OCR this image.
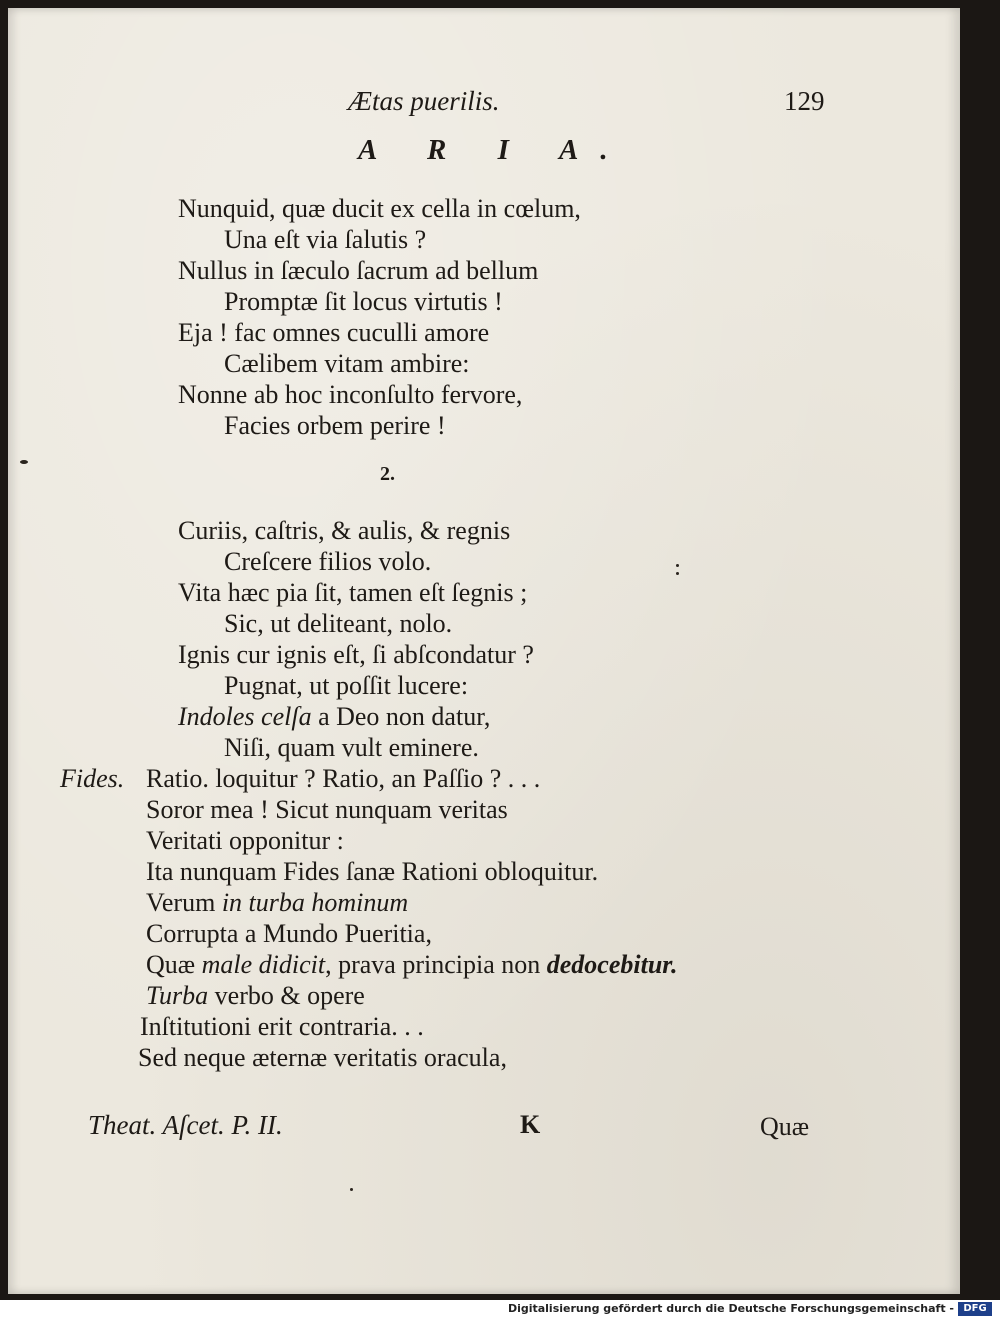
Ætas puerilis.	129
A R I A.
Nunquid, quæ ducit ex cella in cœlum,
Una eſt via ſalutis ?
Nullus in ſæculo ſacrum ad bellum
Promptæ ſit locus virtutis !
Eja ! fac omnes cuculli amore
Cælibem vitam ambire:
Nonne ab hoc inconſulto fervore,
Facies orbem perire !
2.
Curiis, caſtris, & aulis, & regnis
Creſcere filios volo.
Vita hæc pia ſit, tamen eſt ſegnis ;
Sic, ut deliteant, nolo.
Ignis cur ignis eſt, ſi abſcondatur ?
Pugnat, ut poſſit lucere:
Indoles celſa a Deo non datur,
Niſi, quam vult eminere.
Fides. Ratio. loquitur ? Ratio, an Paſſio ? . . .
Soror mea ! Sicut nunquam veritas
Veritati opponitur :
Ita nunquam Fides ſanæ Rationi obloquitur.
Verum in turba hominum
Corrupta a Mundo Pueritia,
Quæ male didicit, prava principia non dedocebitur.
Turba verbo & opere
Inſtitutioni erit contraria. . .
Sed neque æternæ veritatis oracula,
Theat. Aſcet. P. II.	K	Quæ
Digitalisierung gefördert durch die Deutsche Forschungsgemeinschaft - DFG
